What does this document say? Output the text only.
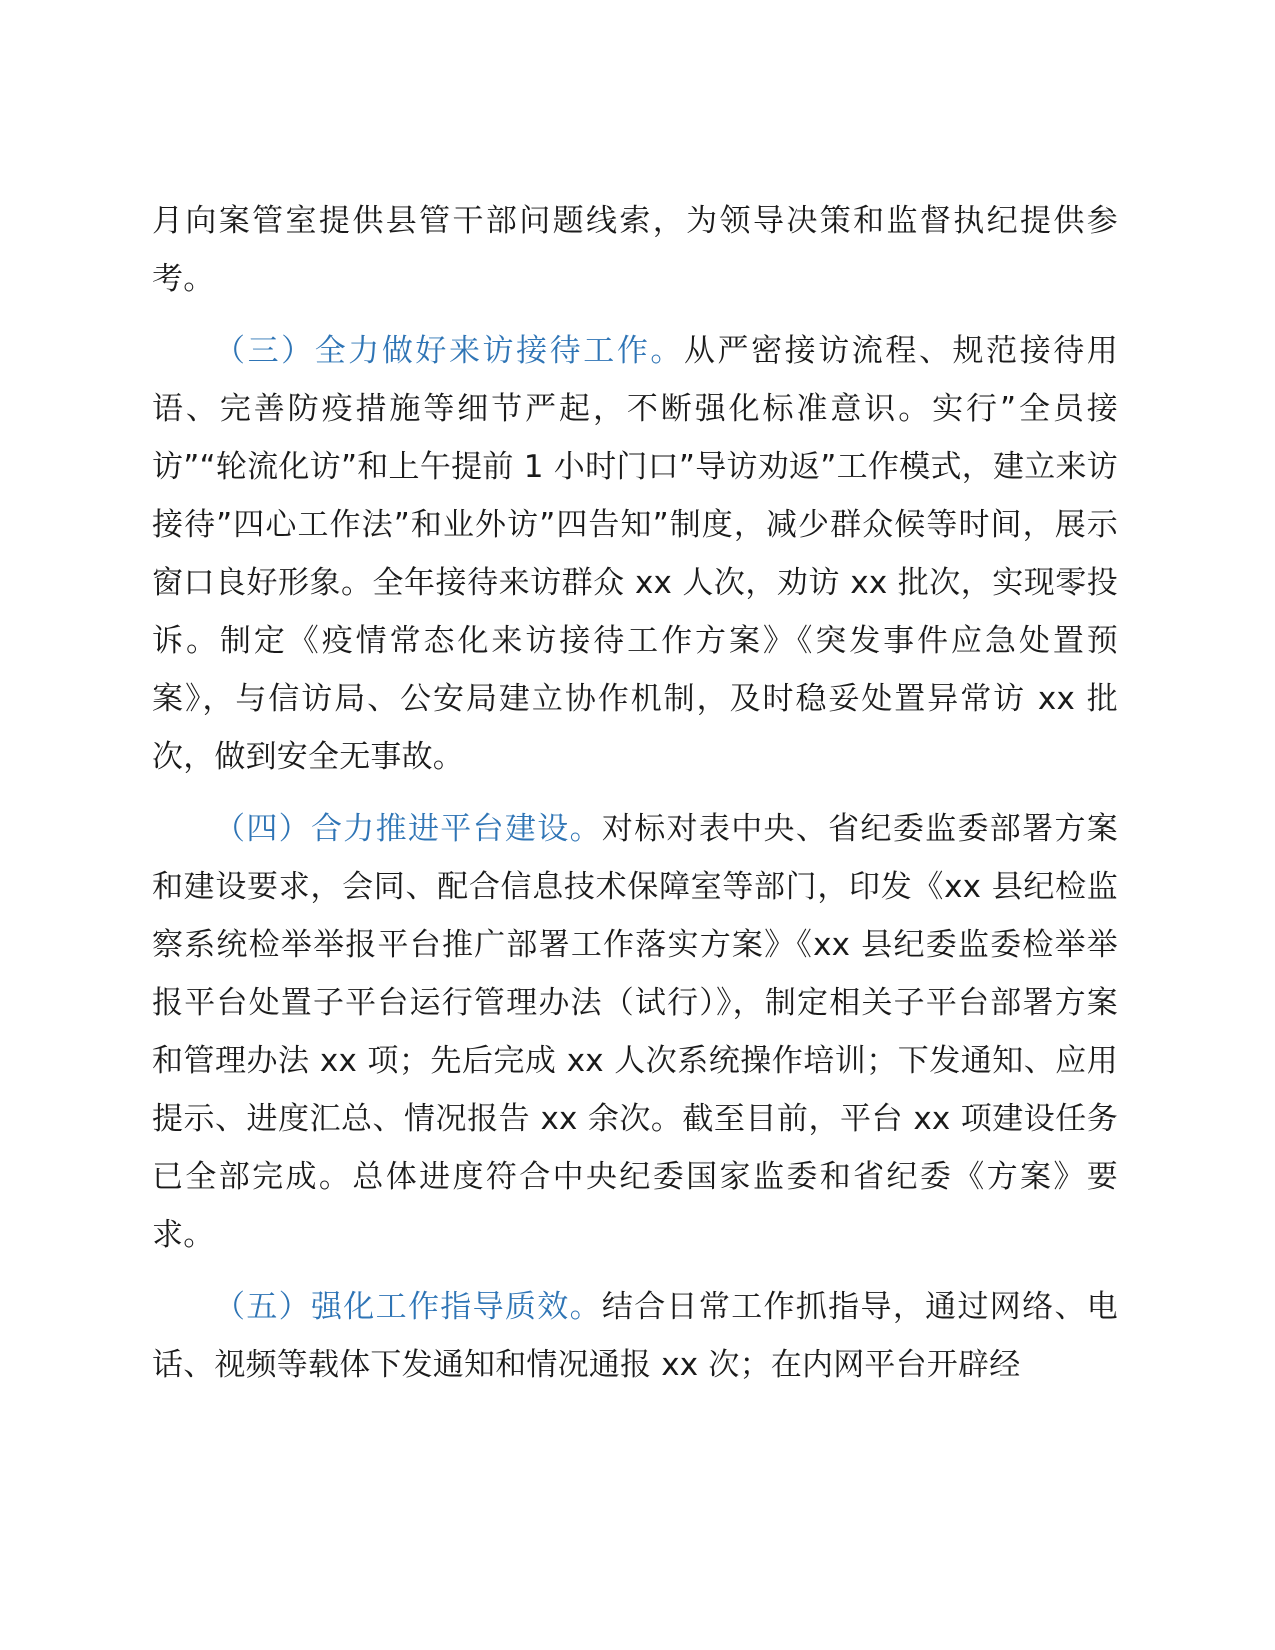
月向案管室提供县管干部问题线索，为领导决策和监督执纪提供参考。

（三）全力做好来访接待工作。从严密接访流程、规范接待用语、完善防疫措施等细节严起，不断强化标准意识。实行”全员接访”“轮流化访”和上午提前 1 小时门口”导访劝返”工作模式，建立来访接待”四心工作法”和业外访”四告知”制度，减少群众候等时间，展示窗口良好形象。全年接待来访群众 xx 人次，劝访 xx 批次，实现零投诉。制定《疫情常态化来访接待工作方案》《突发事件应急处置预案》，与信访局、公安局建立协作机制，及时稳妥处置异常访 xx 批次，做到安全无事故。

（四）合力推进平台建设。对标对表中央、省纪委监委部署方案和建设要求，会同、配合信息技术保障室等部门，印发《xx 县纪检监察系统检举举报平台推广部署工作落实方案》《xx 县纪委监委检举举报平台处置子平台运行管理办法（试行）》，制定相关子平台部署方案和管理办法 xx 项；先后完成 xx 人次系统操作培训；下发通知、应用提示、进度汇总、情况报告 xx 余次。截至目前，平台 xx 项建设任务已全部完成。总体进度符合中央纪委国家监委和省纪委《方案》要求。

（五）强化工作指导质效。结合日常工作抓指导，通过网络、电话、视频等载体下发通知和情况通报 xx 次；在内网平台开辟经
